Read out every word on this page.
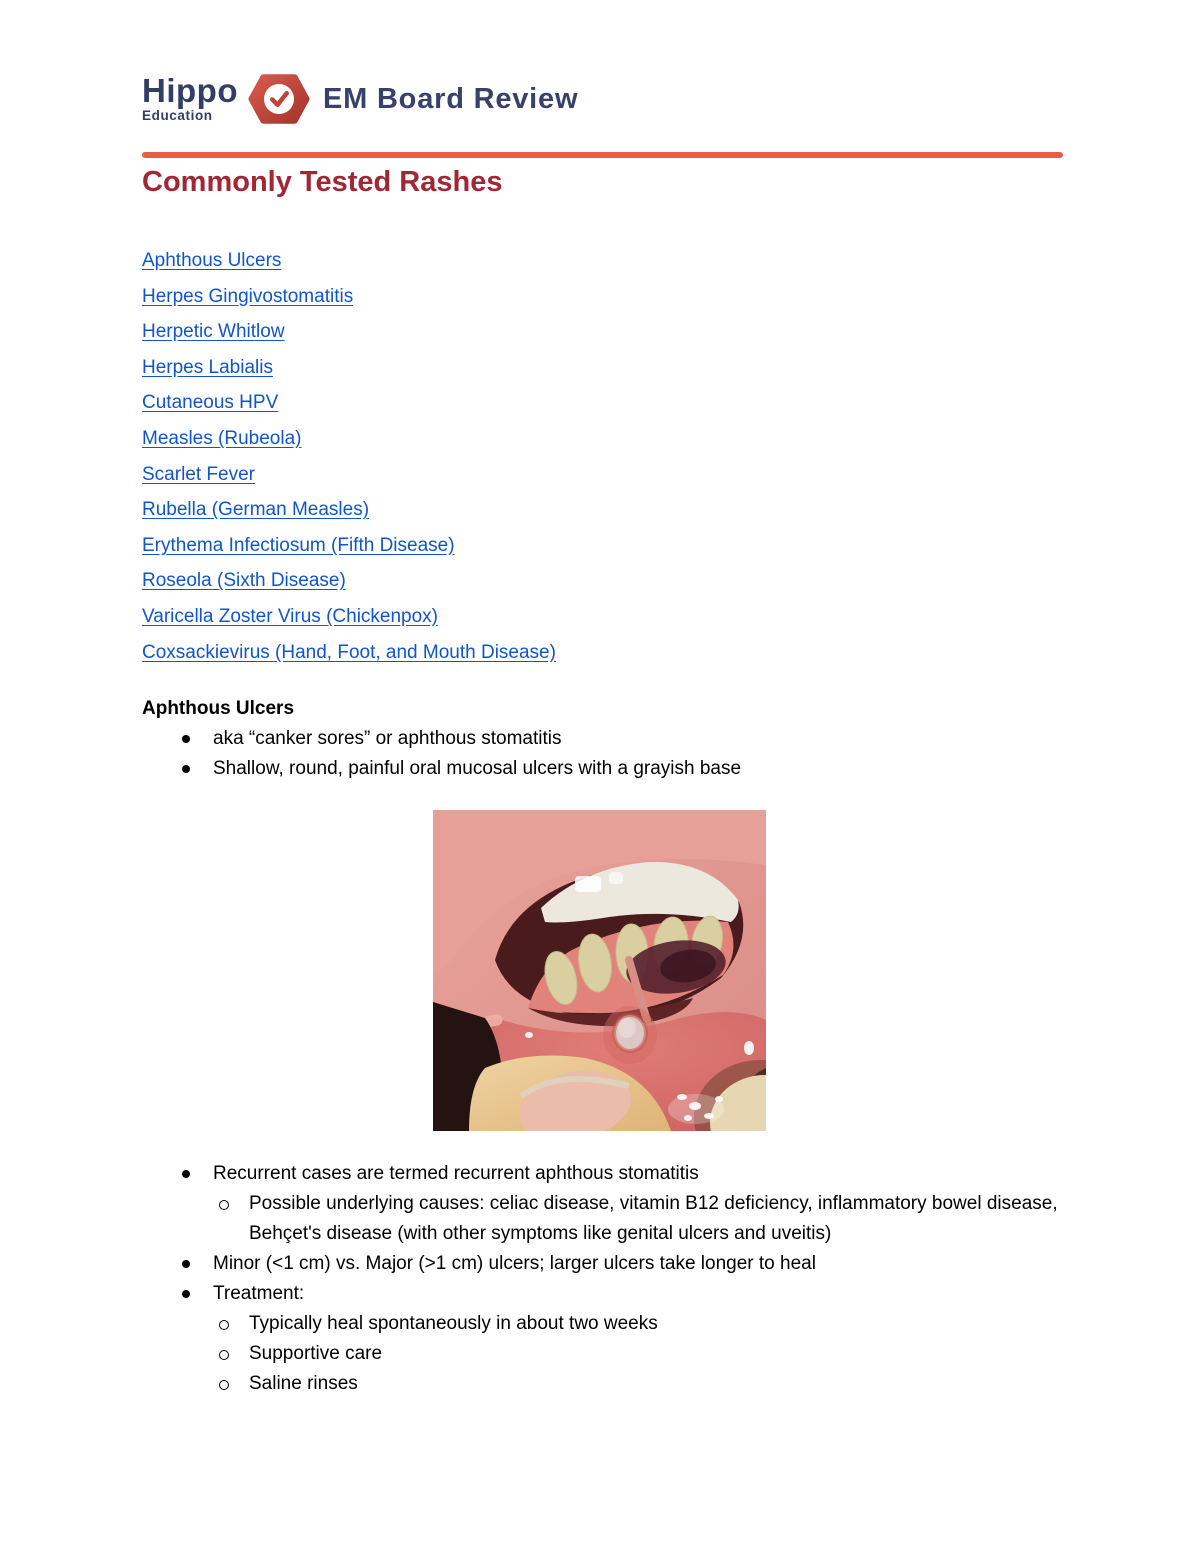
Hippo
Education
EM Board Review
Commonly Tested Rashes
Aphthous Ulcers
Herpes Gingivostomatitis
Herpetic Whitlow
Herpes Labialis
Cutaneous HPV
Measles (Rubeola)
Scarlet Fever
Rubella (German Measles)
Erythema Infectiosum (Fifth Disease)
Roseola (Sixth Disease)
Varicella Zoster Virus (Chickenpox)
Coxsackievirus (Hand, Foot, and Mouth Disease)
Aphthous Ulcers
aka “canker sores” or aphthous stomatitis
Shallow, round, painful oral mucosal ulcers with a grayish base
Recurrent cases are termed recurrent aphthous stomatitis
Possible underlying causes: celiac disease, vitamin B12 deficiency, inflammatory bowel disease, Behçet's disease (with other symptoms like genital ulcers and uveitis)
Minor (<1 cm) vs. Major (>1 cm) ulcers; larger ulcers take longer to heal
Treatment:
Typically heal spontaneously in about two weeks
Supportive care
Saline rinses
